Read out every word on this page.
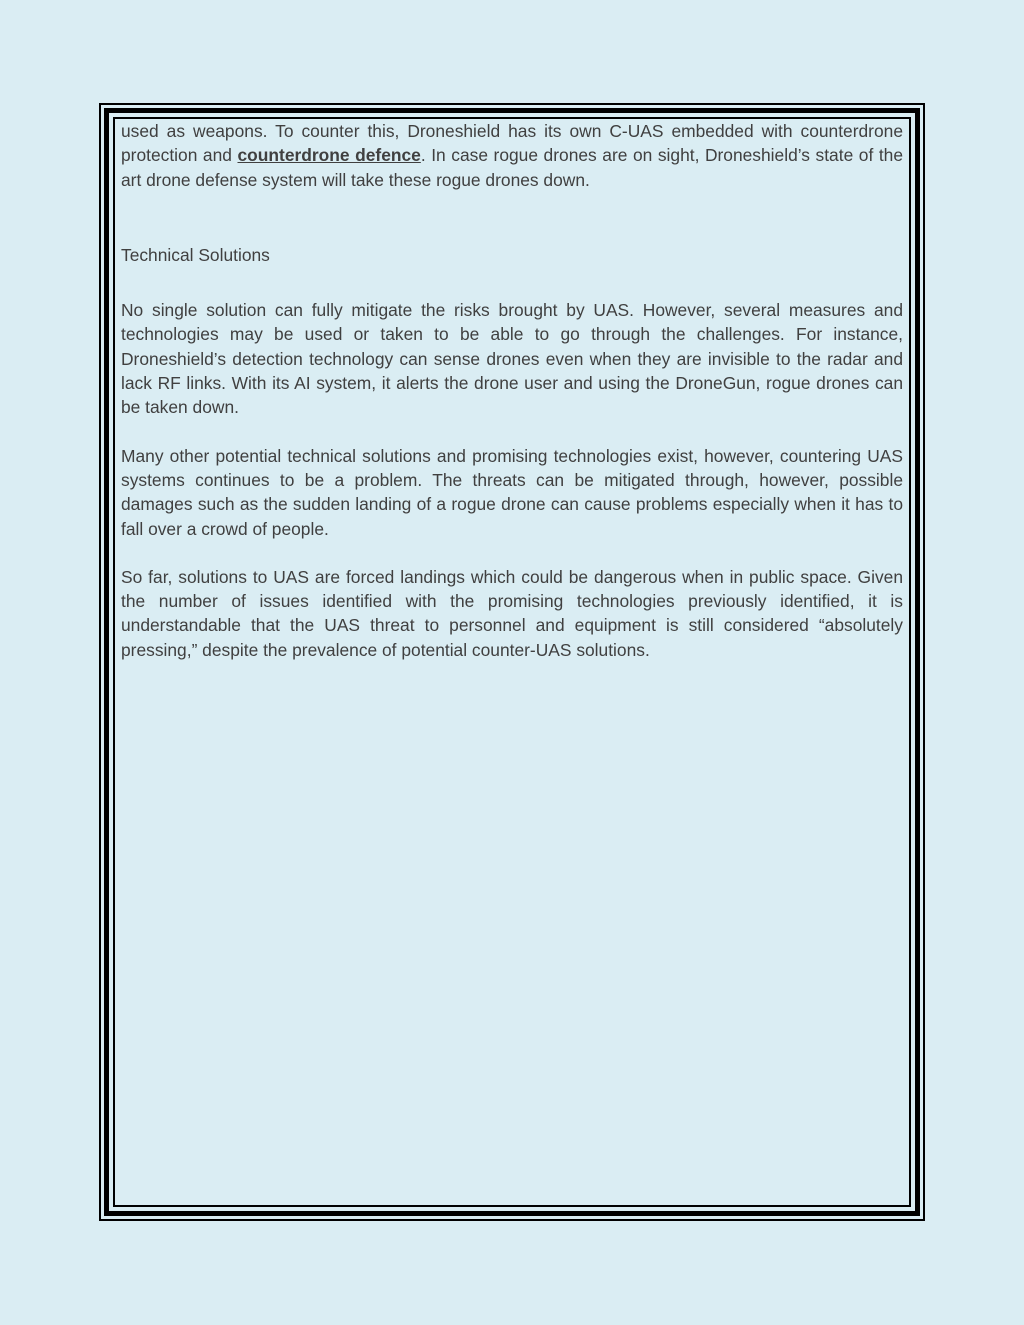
used as weapons. To counter this, Droneshield has its own C-UAS embedded with counterdrone protection and counterdrone defence. In case rogue drones are on sight, Droneshield’s state of the art drone defense system will take these rogue drones down.

Technical Solutions

No single solution can fully mitigate the risks brought by UAS. However, several measures and technologies may be used or taken to be able to go through the challenges. For instance, Droneshield’s detection technology can sense drones even when they are invisible to the radar and lack RF links. With its AI system, it alerts the drone user and using the DroneGun, rogue drones can be taken down.

Many other potential technical solutions and promising technologies exist, however, countering UAS systems continues to be a problem. The threats can be mitigated through, however, possible damages such as the sudden landing of a rogue drone can cause problems especially when it has to fall over a crowd of people.

So far, solutions to UAS are forced landings which could be dangerous when in public space. Given the number of issues identified with the promising technologies previously identified, it is understandable that the UAS threat to personnel and equipment is still considered “absolutely pressing,” despite the prevalence of potential counter-UAS solutions.
